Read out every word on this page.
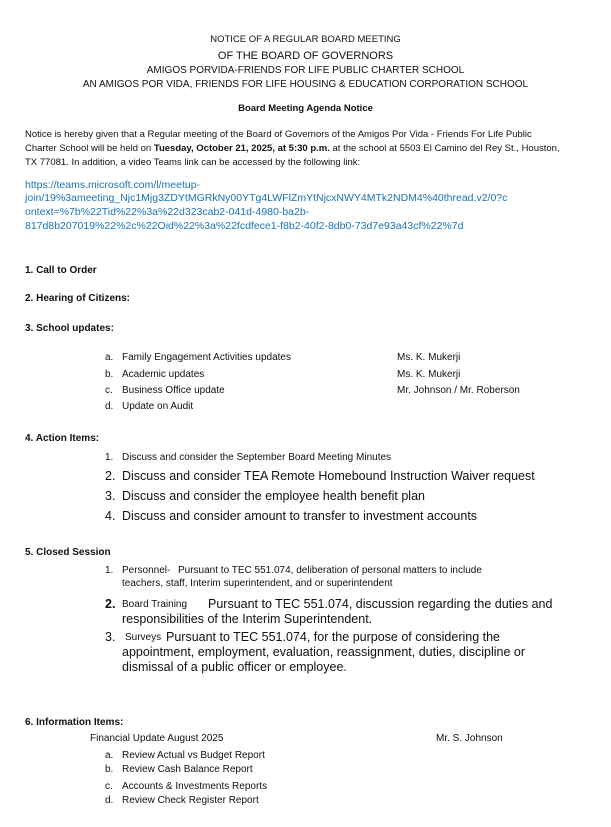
NOTICE OF A REGULAR BOARD MEETING
OF THE BOARD OF GOVERNORS
AMIGOS PORVIDA-FRIENDS FOR LIFE PUBLIC CHARTER SCHOOL
AN AMIGOS POR VIDA, FRIENDS FOR LIFE HOUSING & EDUCATION CORPORATION SCHOOL
Board Meeting Agenda Notice
Notice is hereby given that a Regular meeting of the Board of Governors of the Amigos Por Vida - Friends For Life Public
Charter School will be held on Tuesday, October 21, 2025, at 5:30 p.m. at the school at 5503 El Camino del Rey St., Houston,
TX 77081. In addition, a video Teams link can be accessed by the following link:
https://teams.microsoft.com/l/meetup-
join/19%3ameeting_Njc1Mjg3ZDYtMGRkNy00YTg4LWFlZmYtNjcxNWY4MTk2NDM4%40thread.v2/0?c
ontext=%7b%22Tid%22%3a%22d323cab2-041d-4980-ba2b-
817d8b207019%22%2c%22Oid%22%3a%22fcdfece1-f8b2-40f2-8db0-73d7e93a43cf%22%7d
1. Call to Order
2. Hearing of Citizens:
3. School updates:
a. Family Engagement Activities updates	Ms. K. Mukerji
b. Academic updates	Ms. K. Mukerji
c. Business Office update	Mr. Johnson / Mr. Roberson
d. Update on Audit
4. Action Items:
1. Discuss and consider the September Board Meeting Minutes
2. Discuss and consider TEA Remote Homebound Instruction Waiver request
3. Discuss and consider the employee health benefit plan
4. Discuss and consider amount to transfer to investment accounts
5. Closed Session
1. Personnel- Pursuant to TEC 551.074, deliberation of personal matters to include
teachers, staff, Interim superintendent, and or superintendent
2. Board Training Pursuant to TEC 551.074, discussion regarding the duties and
responsibilities of the Interim Superintendent.
3. Surveys Pursuant to TEC 551.074, for the purpose of considering the
appointment, employment, evaluation, reassignment, duties, discipline or
dismissal of a public officer or employee.
6. Information Items:
Financial Update August 2025	Mr. S. Johnson
a. Review Actual vs Budget Report
b. Review Cash Balance Report
c. Accounts & Investments Reports
d. Review Check Register Report
